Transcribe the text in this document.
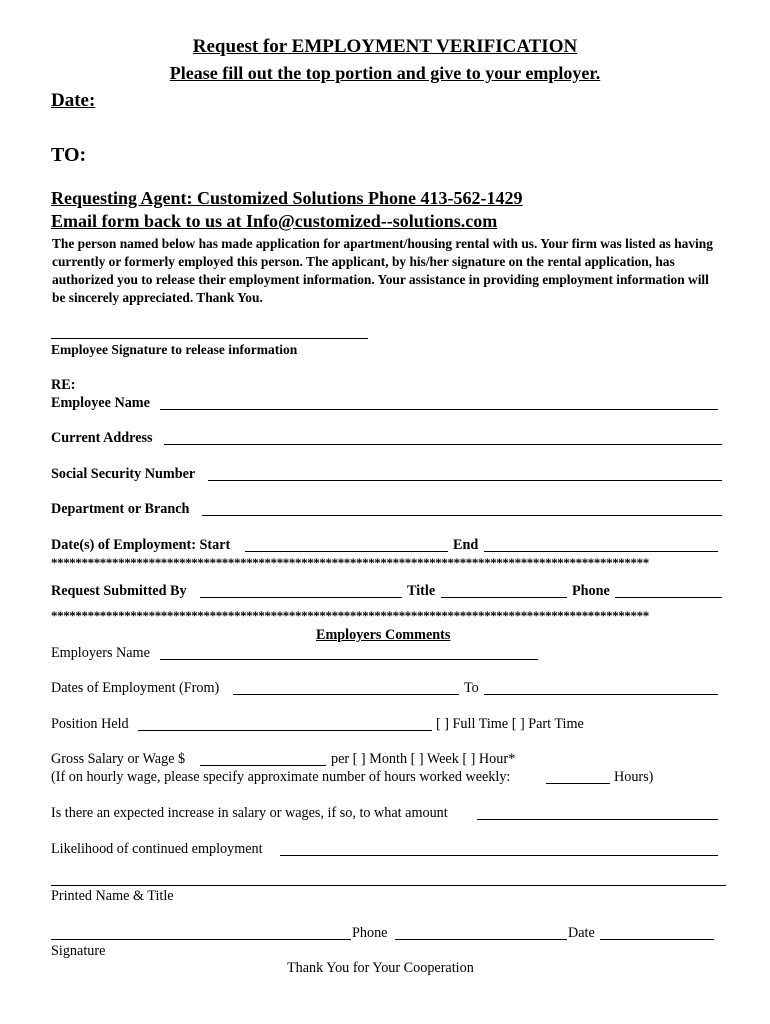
Request for EMPLOYMENT VERIFICATION
Please fill out the top portion and give to your employer.
Date:
TO:
Requesting Agent: Customized Solutions Phone 413-562-1429
Email form back to us at Info@customized--solutions.com
The person named below has made application for apartment/housing rental with us. Your firm was listed as having currently or formerly employed this person. The applicant, by his/her signature on the rental application, has authorized you to release their employment information. Your assistance in providing employment information will be sincerely appreciated. Thank You.
Employee Signature to release information
RE:
Employee Name
Current Address
Social Security Number
Department or Branch
Date(s) of Employment: Start	End
**************************************************************************************************
Request Submitted By	Title	Phone
**************************************************************************************************
Employers Comments
Employers Name
Dates of Employment (From)	To
Position Held	[ ] Full Time [ ] Part Time
Gross Salary or Wage $	per [ ] Month [ ] Week [ ] Hour*
(If on hourly wage, please specify approximate number of hours worked weekly:	Hours)
Is there an expected increase in salary or wages, if so, to what amount
Likelihood of continued employment
Printed Name & Title
Phone	Date
Signature
Thank You for Your Cooperation
